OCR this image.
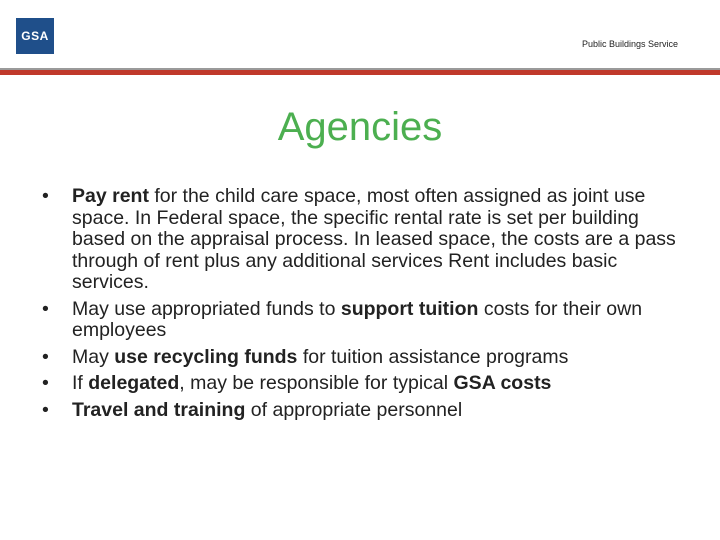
GSA
Public Buildings Service
Agencies
•	Pay rent for the child care space, most often assigned as joint use space. In Federal space, the specific rental rate is set per building based on the appraisal process. In leased space, the costs are a pass through of rent plus any additional services Rent includes basic services.
•	May use appropriated funds to support tuition costs for their own employees
•	May use recycling funds for tuition assistance programs
•	If delegated, may be responsible for typical GSA costs
•	Travel and training of appropriate personnel
